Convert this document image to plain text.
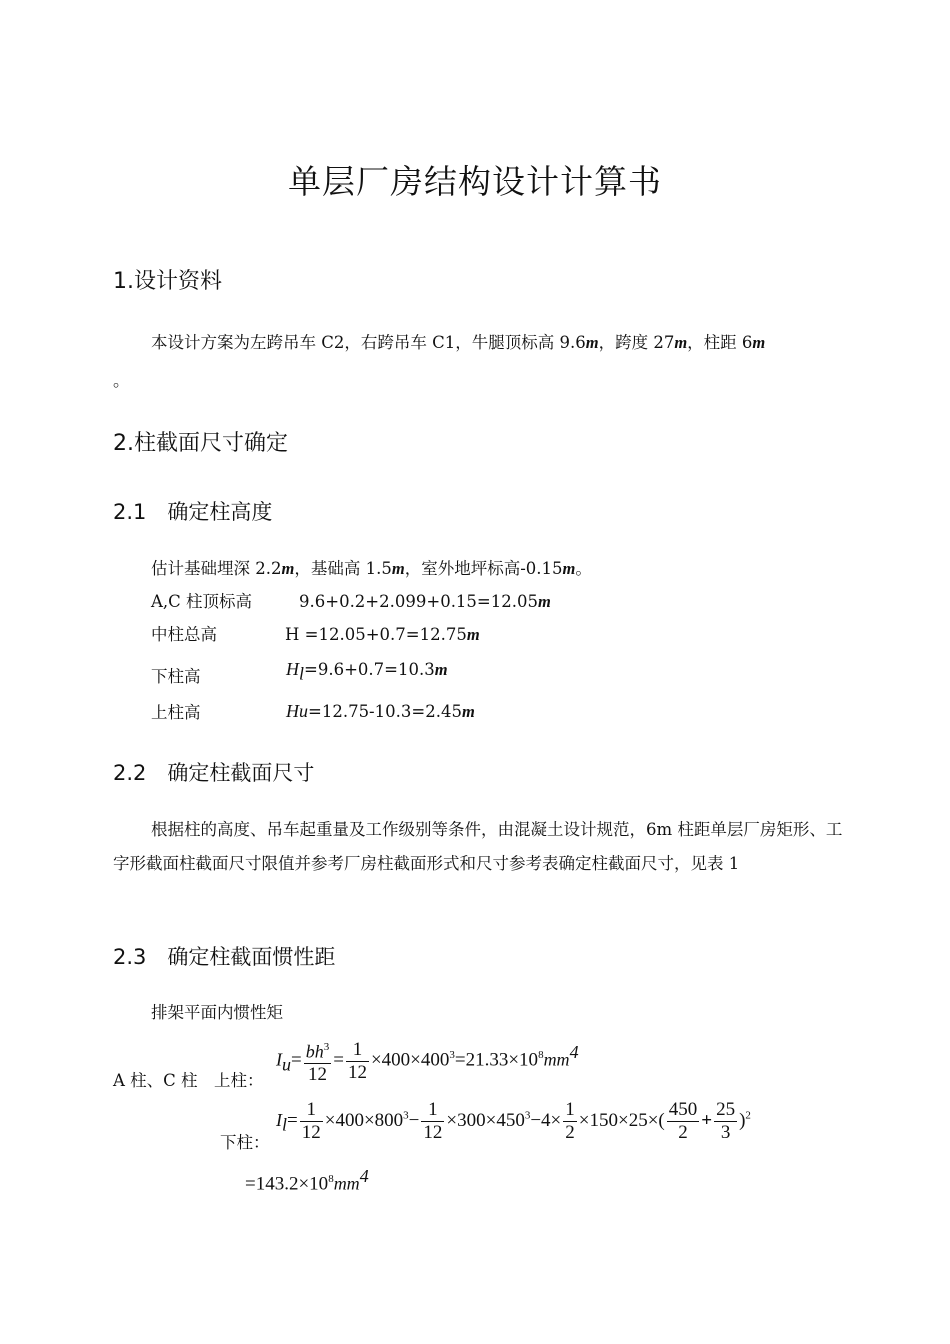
单层厂房结构设计计算书
1.设计资料
本设计方案为左跨吊车 C2，右跨吊车 C1，牛腿顶标高 9.6m，跨度 27m，柱距 6m
。
2.柱截面尺寸确定
2.1　确定柱高度
估计基础埋深 2.2m，基础高 1.5m，室外地坪标高-0.15m。
A,C 柱顶标高	9.6+0.2+2.099+0.15=12.05m
中柱总高	H =12.05+0.7=12.75m
下柱高	$H_l=9.6+0.7=10.3m$
上柱高	Hu=12.75-10.3=2.45m
2.2　确定柱截面尺寸
根据柱的高度、吊车起重量及工作级别等条件，由混凝土设计规范，6m 柱距单层厂房矩形、工字形截面柱截面尺寸限值并参考厂房柱截面形式和尺寸参考表确定柱截面尺寸，见表 1
2.3　确定柱截面惯性距
排架平面内惯性矩
A 柱、C 柱　上柱：
$I_u= \frac{bh^3}{12} = \frac{1}{12} \times 400\times 400^3=21.33\times 10^8mm^4$
下柱：
$I_l= \frac{1}{12} \times 400\times 800^3- \frac{1}{12} \times 300\times 450^3-4\times \frac{1}{2} \times 150\times 25\times( \frac{450}{2} + \frac{25}{3} )^2$
$=143.2\times 10^8mm^4$
